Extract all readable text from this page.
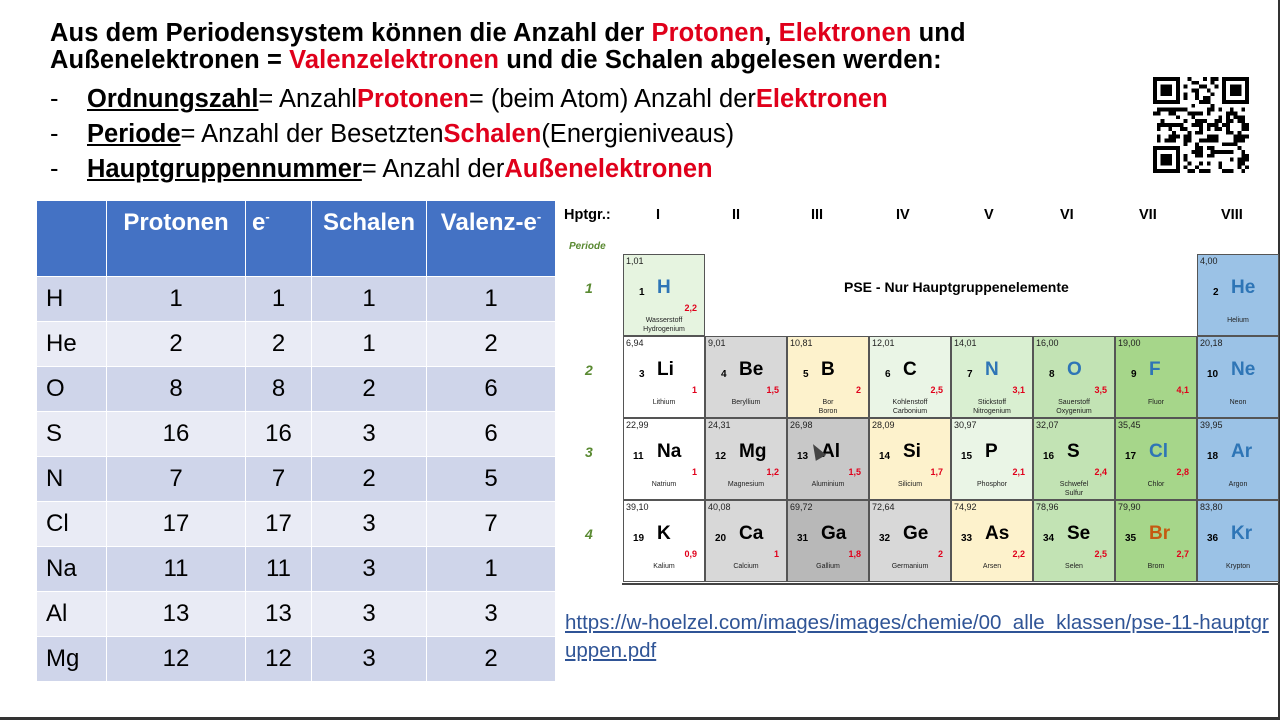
Aus dem Periodensystem können die Anzahl der Protonen, Elektronen und
Außenelektronen = Valenzelektronen und die Schalen abgelesen werden:
-	Ordnungszahl = Anzahl Protonen = (beim Atom) Anzahl der Elektronen
-	Periode = Anzahl der Besetzten Schalen (Energieniveaus)
-	Hauptgruppennummer = Anzahl der Außenelektronen
	Protonen	e-	Schalen	Valenz-e-
H	1	1	1	1
He	2	2	1	2
O	8	8	2	6
S	16	16	3	6
N	7	7	2	5
Cl	17	17	3	7
Na	11	11	3	1
Al	13	13	3	3
Mg	12	12	3	2
Hptgr.:
Periode
PSE - Nur Hauptgruppenelemente
I	II	III	IV	V	VI	VII	VIII
1
2
3
4
1,01
1 H
2,2
Wasserstoff
Hydrogenium
4,00
2 He
Helium
6,94
3 Li
1
Lithium
9,01
4 Be
1,5
Beryllium
10,81
5 B
2
Bor
Boron
12,01
6 C
2,5
Kohlenstoff
Carbonium
14,01
7 N
3,1
Stickstoff
Nitrogenium
16,00
8 O
3,5
Sauerstoff
Oxygenium
19,00
9 F
4,1
Fluor
20,18
10 Ne
Neon
22,99
11 Na
1
Natrium
24,31
12 Mg
1,2
Magnesium
26,98
13 Al
1,5
Aluminium
28,09
14 Si
1,7
Silicium
30,97
15 P
2,1
Phosphor
32,07
16 S
2,4
Schwefel
Sulfur
35,45
17 Cl
2,8
Chlor
39,95
18 Ar
Argon
39,10
19 K
0,9
Kalium
40,08
20 Ca
1
Calcium
69,72
31 Ga
1,8
Gallium
72,64
32 Ge
2
Germanium
74,92
33 As
2,2
Arsen
78,96
34 Se
2,5
Selen
79,90
35 Br
2,7
Brom
83,80
36 Kr
Krypton
https://w-hoelzel.com/images/images/chemie/00_alle_klassen/pse-11-hauptgruppen.pdf
